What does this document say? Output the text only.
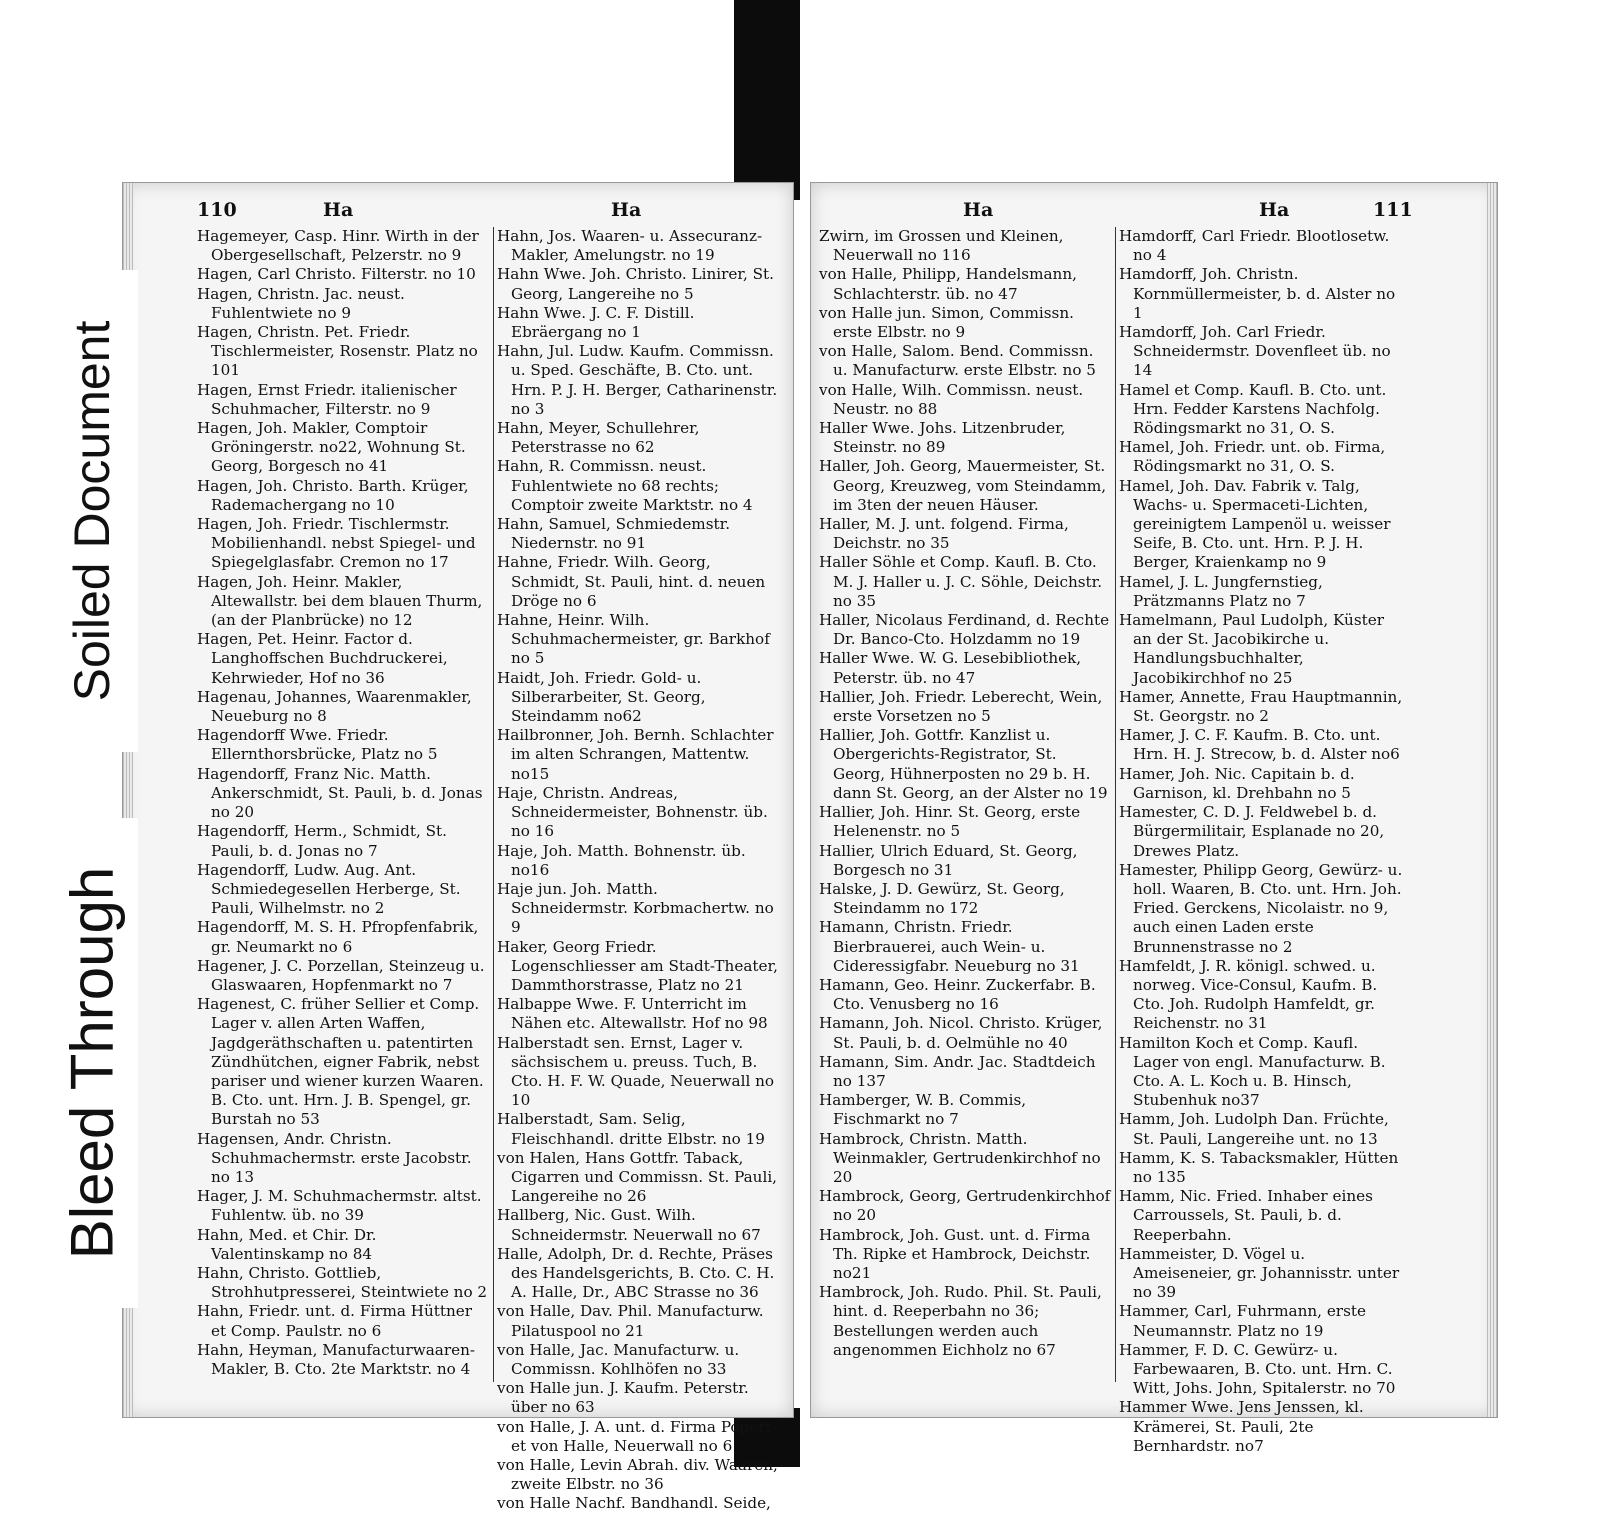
110	Ha	Ha

Hagemeyer, Casp. Hinr. Wirth in der Obergesellschaft, Pelzerstr. no 9

Hagen, Carl Christo. Filterstr. no 10

Hagen, Christn. Jac. neust. Fuhlentwiete no 9

Hagen, Christn. Pet. Friedr. Tischlermeister, Rosenstr. Platz no 101

Hagen, Ernst Friedr. italienischer Schuhmacher, Filterstr. no 9

Hagen, Joh. Makler, Comptoir Gröningerstr. no22, Wohnung St. Georg, Borgesch no 41

Hagen, Joh. Christo. Barth. Krüger, Rademachergang no 10

Hagen, Joh. Friedr. Tischlermstr. Mobilienhandl. nebst Spiegel- und Spiegelglasfabr. Cremon no 17

Hagen, Joh. Heinr. Makler, Altewallstr. bei dem blauen Thurm, (an der Planbrücke) no 12

Hagen, Pet. Heinr. Factor d. Langhoffschen Buchdruckerei, Kehrwieder, Hof no 36

Hagenau, Johannes, Waarenmakler, Neueburg no 8

Hagendorff Wwe. Friedr. Ellernthorsbrücke, Platz no 5

Hagendorff, Franz Nic. Matth. Ankerschmidt, St. Pauli, b. d. Jonas no 20

Hagendorff, Herm., Schmidt, St. Pauli, b. d. Jonas no 7

Hagendorff, Ludw. Aug. Ant. Schmiedegesellen Herberge, St. Pauli, Wilhelmstr. no 2

Hagendorff, M. S. H. Pfropfenfabrik, gr. Neumarkt no 6

Hagener, J. C. Porzellan, Steinzeug u. Glaswaaren, Hopfenmarkt no 7

Hagenest, C. früher Sellier et Comp. Lager v. allen Arten Waffen, Jagdgeräthschaften u. patentirten Zündhütchen, eigner Fabrik, nebst pariser und wiener kurzen Waaren. B. Cto. unt. Hrn. J. B. Spengel, gr. Burstah no 53

Hagensen, Andr. Christn. Schuhmachermstr. erste Jacobstr. no 13

Hager, J. M. Schuhmachermstr. altst. Fuhlentw. üb. no 39

Hahn, Med. et Chir. Dr. Valentinskamp no 84

Hahn, Christo. Gottlieb, Strohhutpresserei, Steintwiete no 2

Hahn, Friedr. unt. d. Firma Hüttner et Comp. Paulstr. no 6

Hahn, Heyman, Manufacturwaaren-Makler, B. Cto. 2te Marktstr. no 4

Hahn, Jos. Waaren- u. Assecuranz-Makler, Amelungstr. no 19

Hahn Wwe. Joh. Christo. Linirer, St. Georg, Langereihe no 5

Hahn Wwe. J. C. F. Distill. Ebräergang no 1

Hahn, Jul. Ludw. Kaufm. Commissn. u. Sped. Geschäfte, B. Cto. unt. Hrn. P. J. H. Berger, Catharinenstr. no 3

Hahn, Meyer, Schullehrer, Peterstrasse no 62

Hahn, R. Commissn. neust. Fuhlentwiete no 68 rechts; Comptoir zweite Marktstr. no 4

Hahn, Samuel, Schmiedemstr. Niedernstr. no 91

Hahne, Friedr. Wilh. Georg, Schmidt, St. Pauli, hint. d. neuen Dröge no 6

Hahne, Heinr. Wilh. Schuhmachermeister, gr. Barkhof no 5

Haidt, Joh. Friedr. Gold- u. Silberarbeiter, St. Georg, Steindamm no62

Hailbronner, Joh. Bernh. Schlachter im alten Schrangen, Mattentw. no15

Haje, Christn. Andreas, Schneidermeister, Bohnenstr. üb. no 16

Haje, Joh. Matth. Bohnenstr. üb. no16

Haje jun. Joh. Matth. Schneidermstr. Korbmachertw. no 9

Haker, Georg Friedr. Logenschliesser am Stadt-Theater, Dammthorstrasse, Platz no 21

Halbappe Wwe. F. Unterricht im Nähen etc. Altewallstr. Hof no 98

Halberstadt sen. Ernst, Lager v. sächsischem u. preuss. Tuch, B. Cto. H. F. W. Quade, Neuerwall no 10

Halberstadt, Sam. Selig, Fleischhandl. dritte Elbstr. no 19

von Halen, Hans Gottfr. Taback, Cigarren und Commissn. St. Pauli, Langereihe no 26

Hallberg, Nic. Gust. Wilh. Schneidermstr. Neuerwall no 67

Halle, Adolph, Dr. d. Rechte, Präses des Handelsgerichts, B. Cto. C. H. A. Halle, Dr., ABC Strasse no 36

von Halle, Dav. Phil. Manufacturw. Pilatuspool no 21

von Halle, Jac. Manufacturw. u. Commissn. Kohlhöfen no 33

von Halle jun. J. Kaufm. Peterstr. über no 63

von Halle, J. A. unt. d. Firma Popert et von Halle, Neuerwall no 6

von Halle, Levin Abrah. div. Waaren, zweite Elbstr. no 36

von Halle Nachf. Bandhandl. Seide,

Ha	Ha	111

Zwirn, im Grossen und Kleinen, Neuerwall no 116

von Halle, Philipp, Handelsmann, Schlachterstr. üb. no 47

von Halle jun. Simon, Commissn. erste Elbstr. no 9

von Halle, Salom. Bend. Commissn. u. Manufacturw. erste Elbstr. no 5

von Halle, Wilh. Commissn. neust. Neustr. no 88

Haller Wwe. Johs. Litzenbruder, Steinstr. no 89

Haller, Joh. Georg, Mauermeister, St. Georg, Kreuzweg, vom Steindamm, im 3ten der neuen Häuser.

Haller, M. J. unt. folgend. Firma, Deichstr. no 35

Haller Söhle et Comp. Kaufl. B. Cto. M. J. Haller u. J. C. Söhle, Deichstr. no 35

Haller, Nicolaus Ferdinand, d. Rechte Dr. Banco-Cto. Holzdamm no 19

Haller Wwe. W. G. Lesebibliothek, Peterstr. üb. no 47

Hallier, Joh. Friedr. Leberecht, Wein, erste Vorsetzen no 5

Hallier, Joh. Gottfr. Kanzlist u. Obergerichts-Registrator, St. Georg, Hühnerposten no 29 b. H. dann St. Georg, an der Alster no 19

Hallier, Joh. Hinr. St. Georg, erste Helenenstr. no 5

Hallier, Ulrich Eduard, St. Georg, Borgesch no 31

Halske, J. D. Gewürz, St. Georg, Steindamm no 172

Hamann, Christn. Friedr. Bierbrauerei, auch Wein- u. Cideressigfabr. Neueburg no 31

Hamann, Geo. Heinr. Zuckerfabr. B. Cto. Venusberg no 16

Hamann, Joh. Nicol. Christo. Krüger, St. Pauli, b. d. Oelmühle no 40

Hamann, Sim. Andr. Jac. Stadtdeich no 137

Hamberger, W. B. Commis, Fischmarkt no 7

Hambrock, Christn. Matth. Weinmakler, Gertrudenkirchhof no 20

Hambrock, Georg, Gertrudenkirchhof no 20

Hambrock, Joh. Gust. unt. d. Firma Th. Ripke et Hambrock, Deichstr. no21

Hambrock, Joh. Rudo. Phil. St. Pauli, hint. d. Reeperbahn no 36; Bestellungen werden auch angenommen Eichholz no 67

Hamdorff, Carl Friedr. Blootlosetw. no 4

Hamdorff, Joh. Christn. Kornmüllermeister, b. d. Alster no 1

Hamdorff, Joh. Carl Friedr. Schneidermstr. Dovenfleet üb. no 14

Hamel et Comp. Kaufl. B. Cto. unt. Hrn. Fedder Karstens Nachfolg. Rödingsmarkt no 31, O. S.

Hamel, Joh. Friedr. unt. ob. Firma, Rödingsmarkt no 31, O. S.

Hamel, Joh. Dav. Fabrik v. Talg, Wachs- u. Spermaceti-Lichten, gereinigtem Lampenöl u. weisser Seife, B. Cto. unt. Hrn. P. J. H. Berger, Kraienkamp no 9

Hamel, J. L. Jungfernstieg, Prätzmanns Platz no 7

Hamelmann, Paul Ludolph, Küster an der St. Jacobikirche u. Handlungsbuchhalter, Jacobikirchhof no 25

Hamer, Annette, Frau Hauptmannin, St. Georgstr. no 2

Hamer, J. C. F. Kaufm. B. Cto. unt. Hrn. H. J. Strecow, b. d. Alster no6

Hamer, Joh. Nic. Capitain b. d. Garnison, kl. Drehbahn no 5

Hamester, C. D. J. Feldwebel b. d. Bürgermilitair, Esplanade no 20, Drewes Platz.

Hamester, Philipp Georg, Gewürz- u. holl. Waaren, B. Cto. unt. Hrn. Joh. Fried. Gerckens, Nicolaistr. no 9, auch einen Laden erste Brunnenstrasse no 2

Hamfeldt, J. R. königl. schwed. u. norweg. Vice-Consul, Kaufm. B. Cto. Joh. Rudolph Hamfeldt, gr. Reichenstr. no 31

Hamilton Koch et Comp. Kaufl. Lager von engl. Manufacturw. B. Cto. A. L. Koch u. B. Hinsch, Stubenhuk no37

Hamm, Joh. Ludolph Dan. Früchte, St. Pauli, Langereihe unt. no 13

Hamm, K. S. Tabacksmakler, Hütten no 135

Hamm, Nic. Fried. Inhaber eines Carroussels, St. Pauli, b. d. Reeperbahn.

Hammeister, D. Vögel u. Ameiseneier, gr. Johannisstr. unter no 39

Hammer, Carl, Fuhrmann, erste Neumannstr. Platz no 19

Hammer, F. D. C. Gewürz- u. Farbewaaren, B. Cto. unt. Hrn. C. Witt, Johs. John, Spitalerstr. no 70

Hammer Wwe. Jens Jenssen, kl. Krämerei, St. Pauli, 2te Bernhardstr. no7

Soiled Document
Bleed Through
